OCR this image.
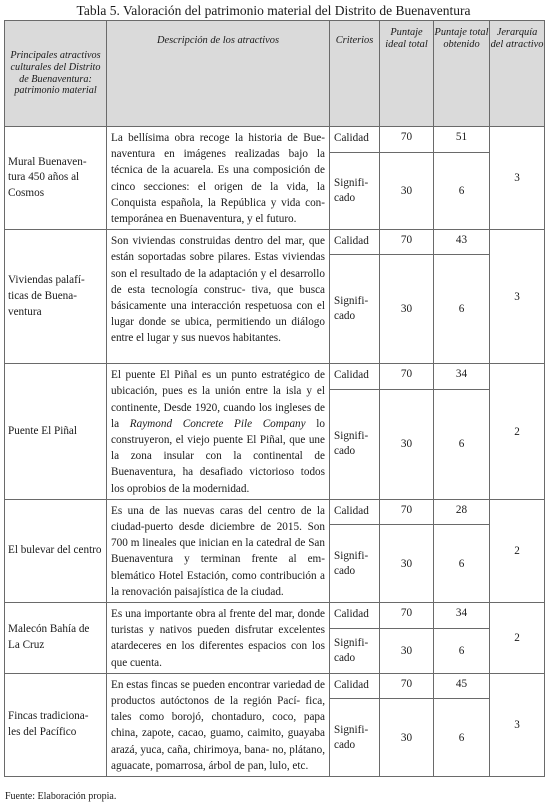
Tabla 5. Valoración del patrimonio material del Distrito de Buenaventura
Principales atractivos culturales del Distrito de Buenaventura: patrimonio material	Descripción de los atractivos	Criterios	Puntaje ideal total	Puntaje total obtenido	Jerarquía del atractivo
Mural Buenaven- tura 450 años al Cosmos	La bellísima obra recoge la historia de Bue- naventura en imágenes realizadas bajo la técnica de la acuarela. Es una composición de cinco secciones: el origen de la vida, la Conquista española, la República y vida con- temporánea en Buenaventura, y el futuro.	Calidad	70	51	3
		Signifi- cado	30	6	
Viviendas palafí- ticas de Buena- ventura	Son viviendas construidas dentro del mar, que están soportadas sobre pilares. Estas viviendas son el resultado de la adaptación y el desarrollo de esta tecnología construc- tiva, que busca básicamente una interacción respetuosa con el lugar donde se ubica, permitiendo un diálogo entre el lugar y sus nuevos habitantes.	Calidad	70	43	3
		Signifi- cado	30	6	
Puente El Piñal	El puente El Piñal es un punto estratégico de ubicación, pues es la unión entre la isla y el continente, Desde 1920, cuando los ingleses de la Raymond Concrete Pile Company lo construyeron, el viejo puente El Piñal, que une la zona insular con la continental de Buenaventura, ha desafiado victorioso todos los oprobios de la modernidad.	Calidad	70	34	2
		Signifi- cado	30	6	
El bulevar del centro	Es una de las nuevas caras del centro de la ciudad-puerto desde diciembre de 2015. Son 700 m lineales que inician en la catedral de San Buenaventura y terminan frente al em- blemático Hotel Estación, como contribución a la renovación paisajística de la ciudad.	Calidad	70	28	2
		Signifi- cado	30	6	
Malecón Bahía de La Cruz	Es una importante obra al frente del mar, donde turistas y nativos pueden disfrutar excelentes atardeceres en los diferentes espacios con los que cuenta.	Calidad	70	34	2
		Signifi- cado	30	6	
Fincas tradiciona- les del Pacífico	En estas fincas se pueden encontrar variedad de productos autóctonos de la región Pací- fica, tales como borojó, chontaduro, coco, papa china, zapote, cacao, guamo, caimito, guayaba arazá, yuca, caña, chirimoya, bana- no, plátano, aguacate, pomarrosa, árbol de pan, lulo, etc.	Calidad	70	45	3
		Signifi- cado	30	6	
Fuente: Elaboración propia.
